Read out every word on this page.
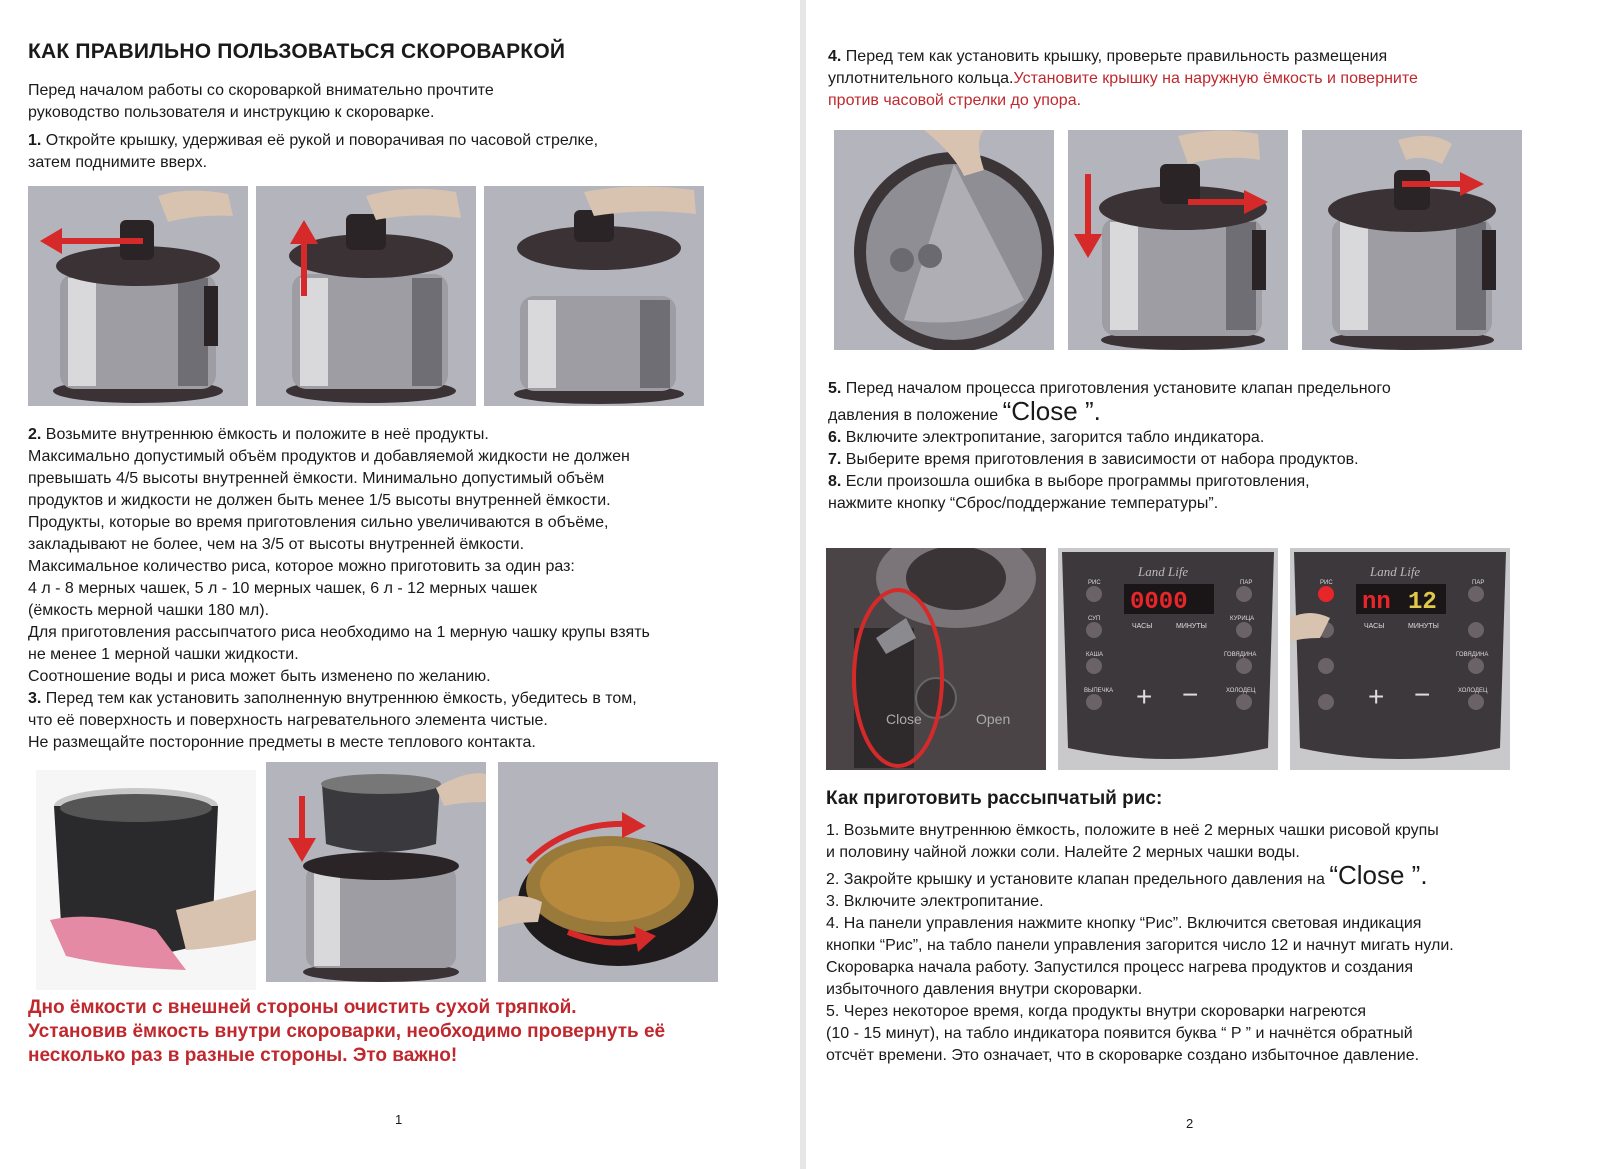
КАК ПРАВИЛЬНО ПОЛЬЗОВАТЬСЯ СКОРОВАРКОЙ

Перед началом работы со скороваркой внимательно прочтите

руководство пользователя и инструкцию к скороварке.

1. Откройте крышку, удерживая её рукой и поворачивая по часовой стрелке,

затем поднимите вверх.

2. Возьмите внутреннюю ёмкость и положите в неё продукты.

Максимально допустимый объём продуктов и добавляемой жидкости не должен

превышать 4/5 высоты внутренней ёмкости. Минимально допустимый объём

продуктов и жидкости не должен быть менее 1/5 высоты внутренней ёмкости.

Продукты, которые во время приготовления сильно увеличиваются в объёме,

закладывают не более, чем на 3/5 от высоты внутренней ёмкости.

Максимальное количество риса, которое можно приготовить за один раз:

4 л - 8 мерных чашек, 5 л - 10 мерных чашек, 6 л - 12 мерных чашек

(ёмкость мерной чашки 180 мл).

Для приготовления рассыпчатого риса необходимо на 1 мерную чашку крупы взять

не менее 1 мерной чашки жидкости.

Соотношение воды и риса может быть изменено по желанию.

3. Перед тем как установить заполненную внутреннюю ёмкость, убедитесь в том,

что её поверхность и поверхность нагревательного элемента чистые.

Не размещайте посторонние предметы в месте теплового контакта.

Дно ёмкости с внешней стороны очистить сухой тряпкой.

Установив ёмкость внутри скороварки, необходимо провернуть её

несколько раз в разные стороны. Это важно!

1

4. Перед тем как установить крышку, проверьте правильность размещения

уплотнительного кольца.Установите крышку на наружную ёмкость и поверните

против часовой стрелки до упора.

5. Перед началом процесса приготовления установите клапан предельного

давления в положение “Close ”.

6. Включите электропитание, загорится табло индикатора.

7. Выберите время приготовления в зависимости от набора продуктов.

8. Если произошла ошибка в выборе программы приготовления,

нажмите кнопку “Сброс/поддержание температуры”.

Close	Open
Land Life
0000
ЧАСЫ	МИНУТЫ
РИС
СУП
КАША
ВЫПЕЧКА
ПАР
КУРИЦА
ГОВЯДИНА
ХОЛОДЕЦ
+ −
Land Life
nn 12
ЧАСЫ	МИНУТЫ
РИС	ПАР
ГОВЯДИНА
ХОЛОДЕЦ
+ −
Как приготовить рассыпчатый рис:

1. Возьмите внутреннюю ёмкость, положите в неё 2 мерных чашки рисовой крупы

и половину чайной ложки соли. Налейте 2 мерных чашки воды.

2. Закройте крышку и установите клапан предельного давления на “Close ”.

3. Включите электропитание.

4. На панели управления нажмите кнопку “Рис”. Включится световая индикация

кнопки “Рис”, на табло панели управления загорится число 12 и начнут мигать нули.

Скороварка начала работу. Запустился процесс нагрева продуктов и создания

избыточного давления внутри скороварки.

5. Через некоторое время, когда продукты внутри скороварки нагреются

(10 - 15 минут), на табло индикатора появится буква “ P ” и начнётся обратный

отсчёт времени. Это означает, что в скороварке создано избыточное давление.

2
